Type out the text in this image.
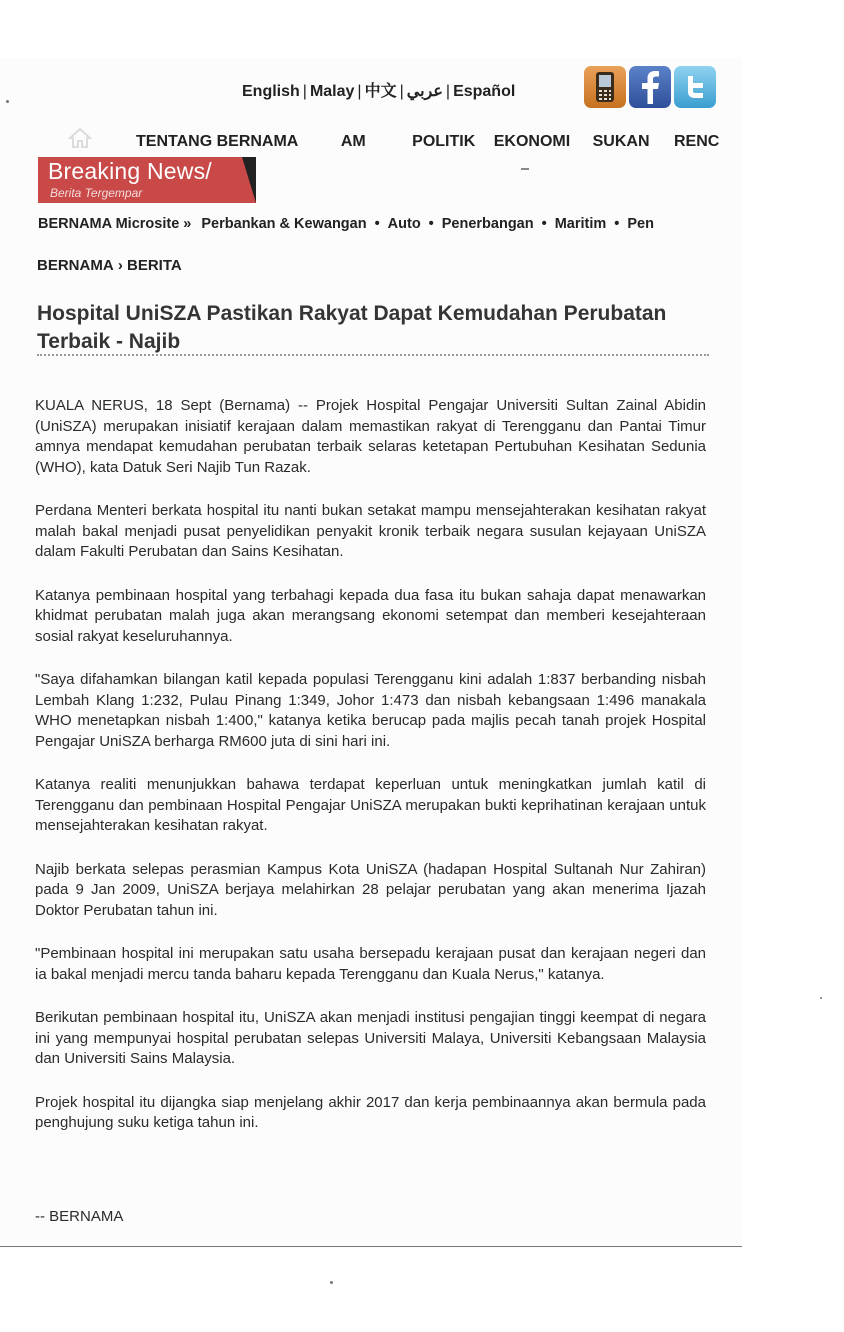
English | Malay | 中文 | عربي | Español
TENTANG BERNAMA	AM	POLITIK EKONOMI SUKAN RENC
Breaking News/
Berita Tergempar
BERNAMA Microsite » Perbankan & Kewangan • Auto • Penerbangan • Maritim • Pen
BERNAMA › BERITA
Hospital UniSZA Pastikan Rakyat Dapat Kemudahan Perubatan Terbaik - Najib

KUALA NERUS, 18 Sept (Bernama) -- Projek Hospital Pengajar Universiti Sultan Zainal Abidin (UniSZA) merupakan inisiatif kerajaan dalam memastikan rakyat di Terengganu dan Pantai Timur amnya mendapat kemudahan perubatan terbaik selaras ketetapan Pertubuhan Kesihatan Sedunia (WHO), kata Datuk Seri Najib Tun Razak.

Perdana Menteri berkata hospital itu nanti bukan setakat mampu mensejahterakan kesihatan rakyat malah bakal menjadi pusat penyelidikan penyakit kronik terbaik negara susulan kejayaan UniSZA dalam Fakulti Perubatan dan Sains Kesihatan.

Katanya pembinaan hospital yang terbahagi kepada dua fasa itu bukan sahaja dapat menawarkan khidmat perubatan malah juga akan merangsang ekonomi setempat dan memberi kesejahteraan sosial rakyat keseluruhannya.

"Saya difahamkan bilangan katil kepada populasi Terengganu kini adalah 1:837 berbanding nisbah Lembah Klang 1:232, Pulau Pinang 1:349, Johor 1:473 dan nisbah kebangsaan 1:496 manakala WHO menetapkan nisbah 1:400," katanya ketika berucap pada majlis pecah tanah projek Hospital Pengajar UniSZA berharga RM600 juta di sini hari ini.

Katanya realiti menunjukkan bahawa terdapat keperluan untuk meningkatkan jumlah katil di Terengganu dan pembinaan Hospital Pengajar UniSZA merupakan bukti keprihatinan kerajaan untuk mensejahterakan kesihatan rakyat.

Najib berkata selepas perasmian Kampus Kota UniSZA (hadapan Hospital Sultanah Nur Zahiran) pada 9 Jan 2009, UniSZA berjaya melahirkan 28 pelajar perubatan yang akan menerima Ijazah Doktor Perubatan tahun ini.

"Pembinaan hospital ini merupakan satu usaha bersepadu kerajaan pusat dan kerajaan negeri dan ia bakal menjadi mercu tanda baharu kepada Terengganu dan Kuala Nerus," katanya.

Berikutan pembinaan hospital itu, UniSZA akan menjadi institusi pengajian tinggi keempat di negara ini yang mempunyai hospital perubatan selepas Universiti Malaya, Universiti Kebangsaan Malaysia dan Universiti Sains Malaysia.

Projek hospital itu dijangka siap menjelang akhir 2017 dan kerja pembinaannya akan bermula pada penghujung suku ketiga tahun ini.

-- BERNAMA
